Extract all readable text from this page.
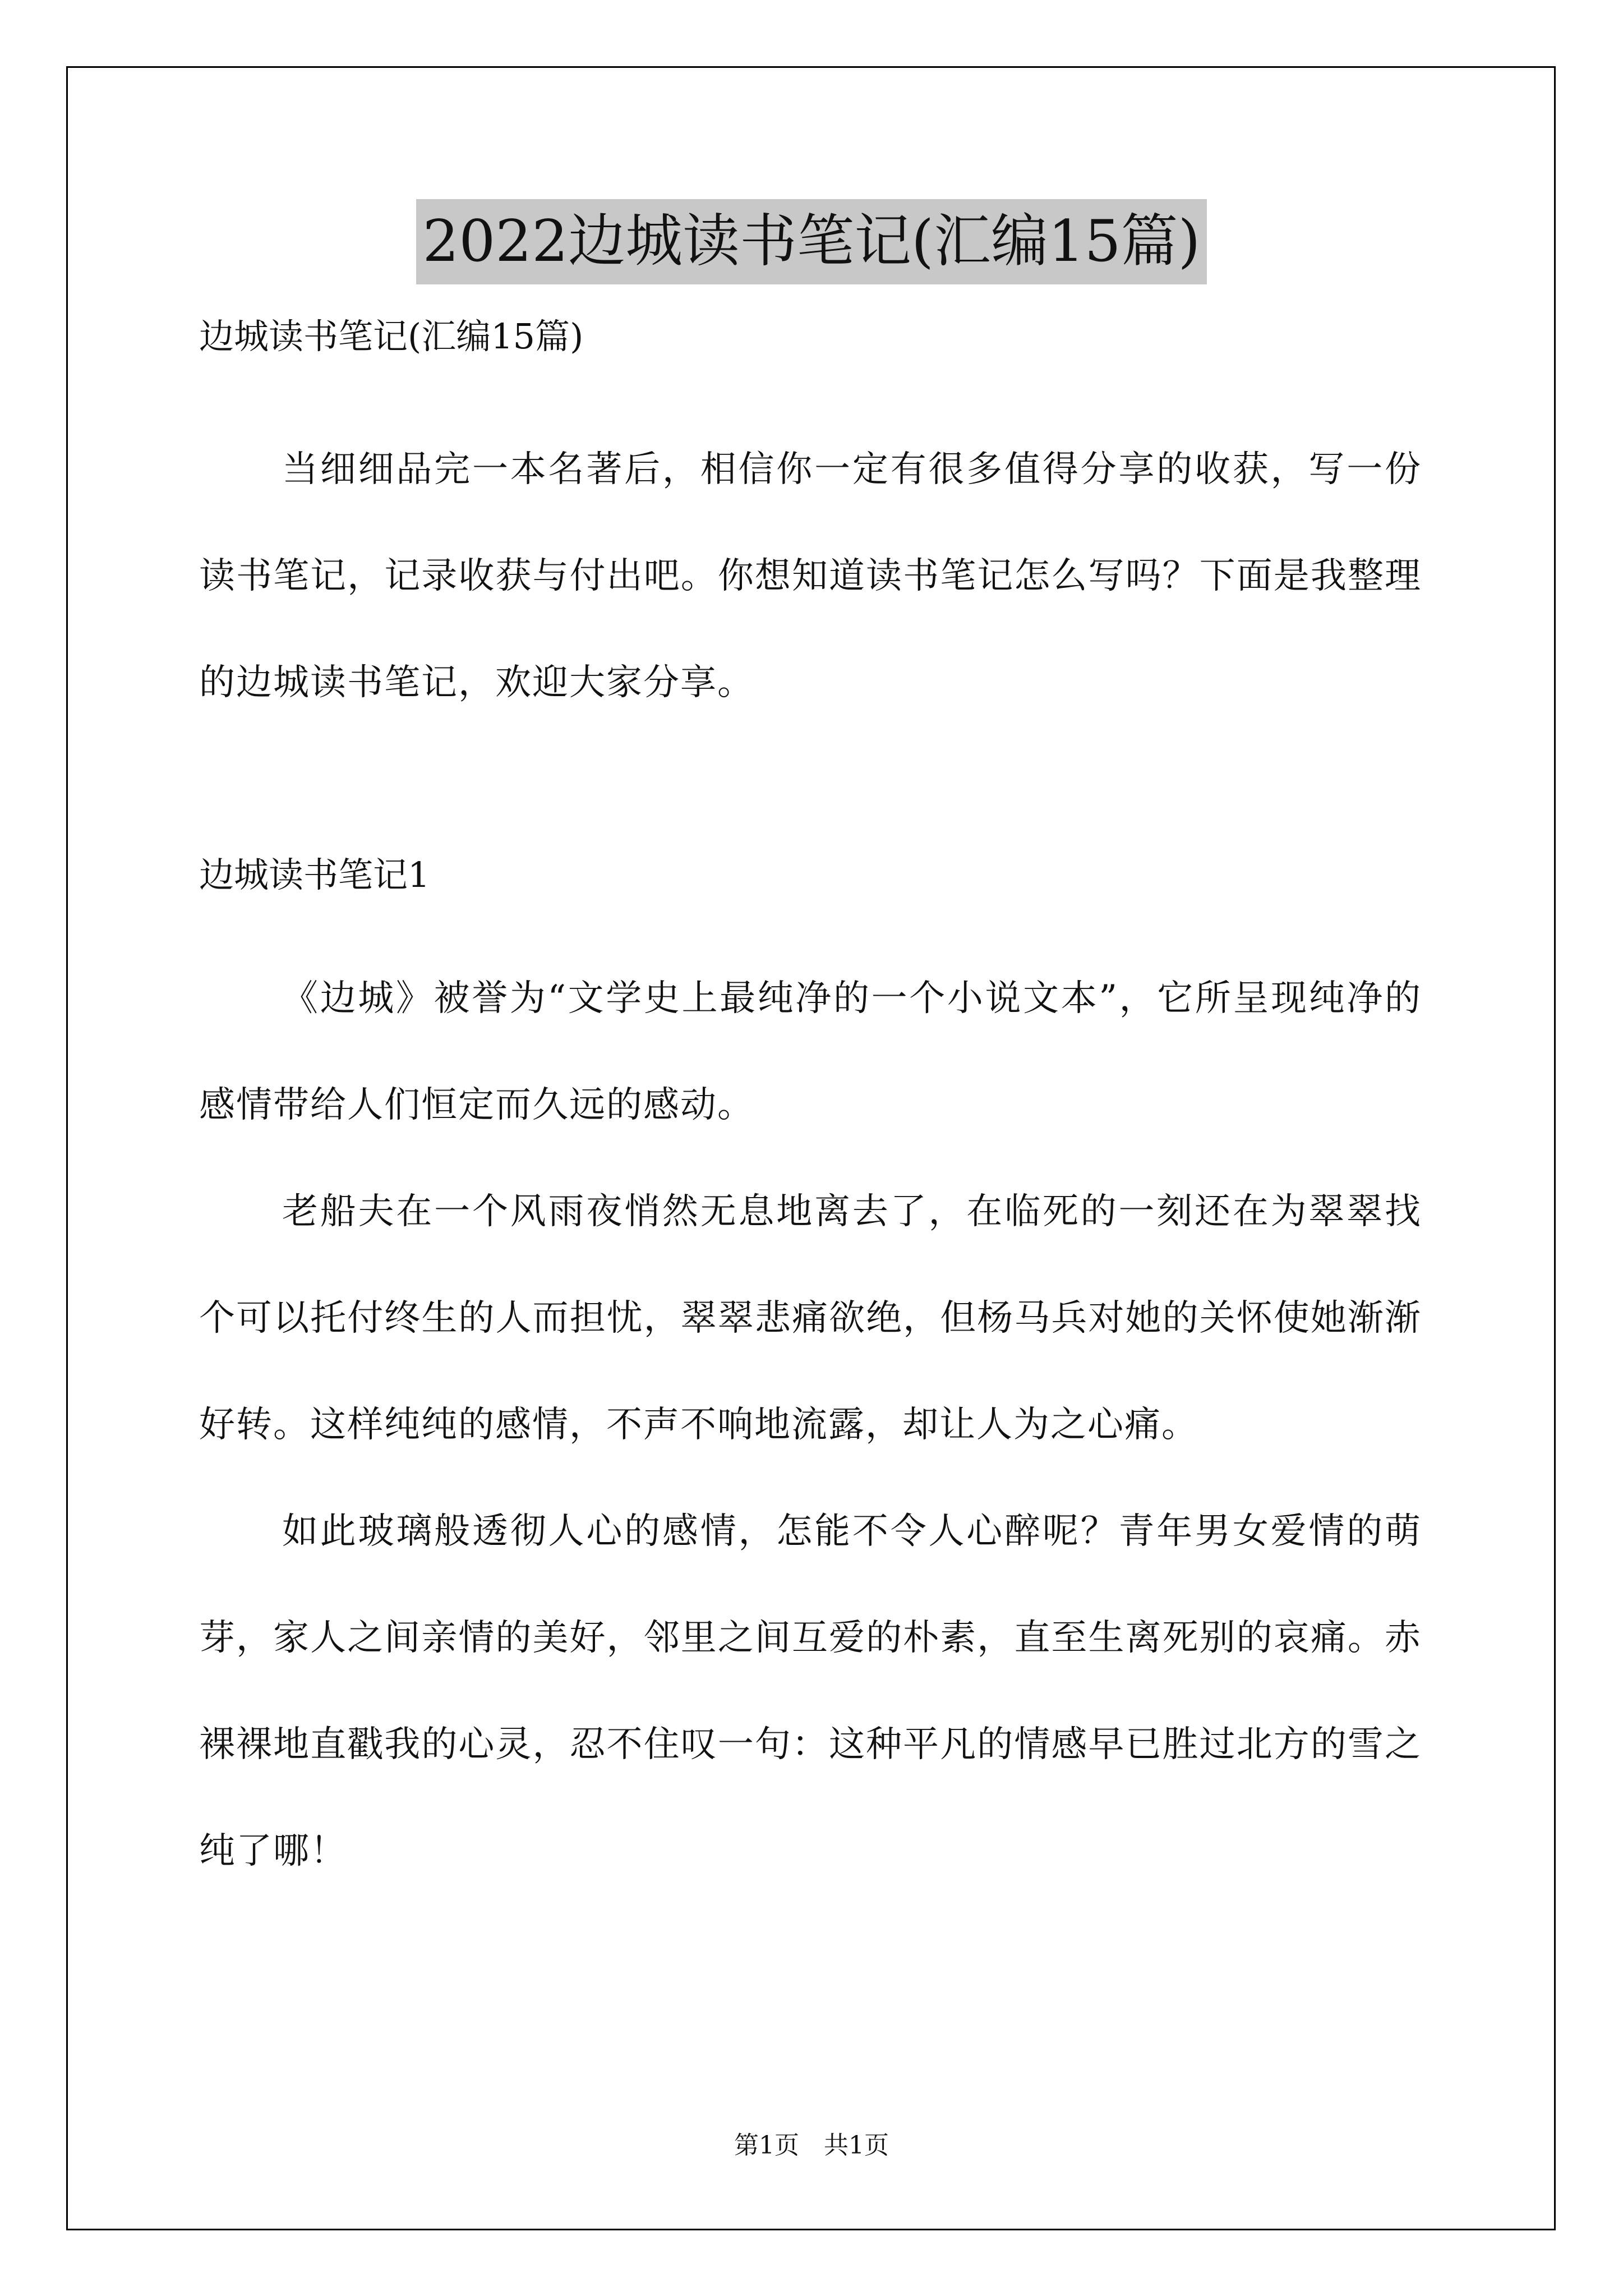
2022边城读书笔记(汇编15篇)

边城读书笔记(汇编15篇)

当细细品完一本名著后，相信你一定有很多值得分享的收获，写一份读书笔记，记录收获与付出吧。你想知道读书笔记怎么写吗？下面是我整理的边城读书笔记，欢迎大家分享。

边城读书笔记1

《边城》被誉为“文学史上最纯净的一个小说文本”，它所呈现纯净的感情带给人们恒定而久远的感动。

老船夫在一个风雨夜悄然无息地离去了，在临死的一刻还在为翠翠找个可以托付终生的人而担忧，翠翠悲痛欲绝，但杨马兵对她的关怀使她渐渐好转。这样纯纯的感情，不声不响地流露，却让人为之心痛。

如此玻璃般透彻人心的感情，怎能不令人心醉呢？青年男女爱情的萌芽，家人之间亲情的美好，邻里之间互爱的朴素，直至生离死别的哀痛。赤裸裸地直戳我的心灵，忍不住叹一句：这种平凡的情感早已胜过北方的雪之纯了哪！

第1页　共1页
